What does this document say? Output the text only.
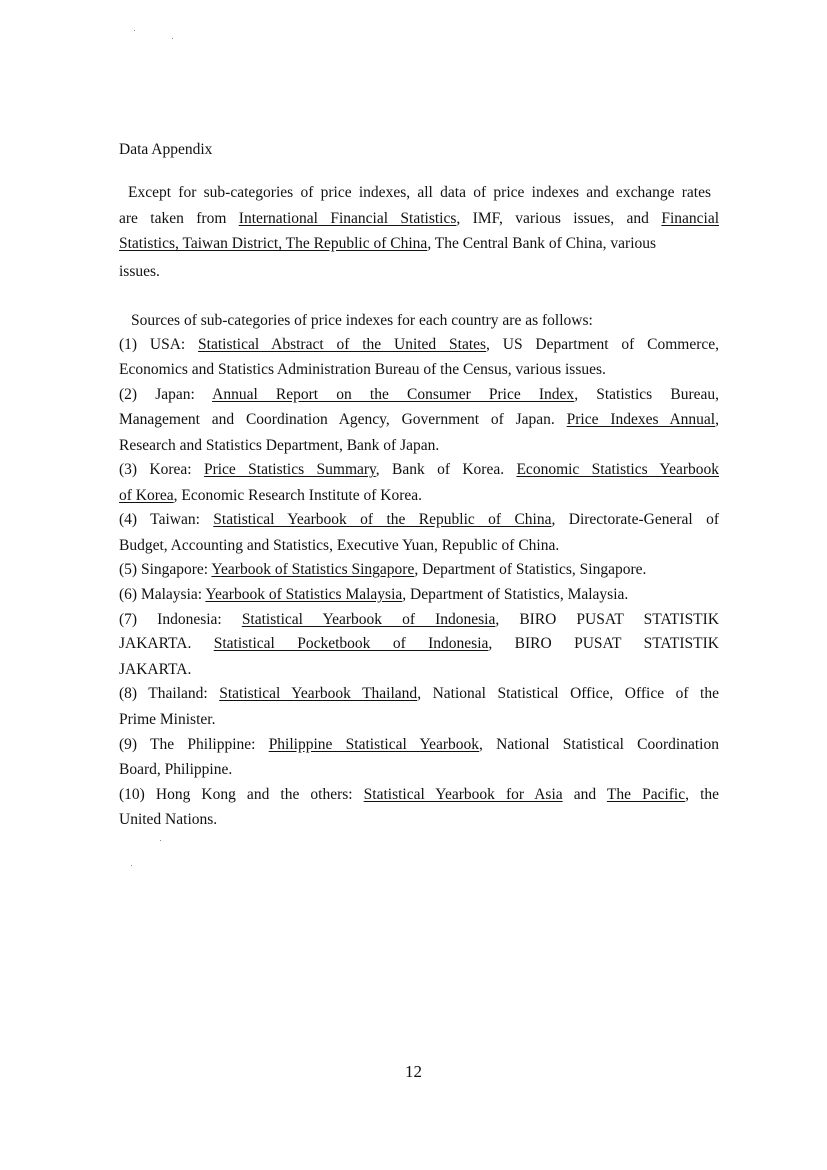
Data Appendix
Except for sub-categories of price indexes, all data of price indexes and exchange rates
are taken from International Financial Statistics, IMF, various issues, and Financial
Statistics, Taiwan District, The Republic of China, The Central Bank of China, various
issues.
Sources of sub-categories of price indexes for each country are as follows:
(1) USA: Statistical Abstract of the United States, US Department of Commerce,
Economics and Statistics Administration Bureau of the Census, various issues.
(2) Japan: Annual Report on the Consumer Price Index, Statistics Bureau,
Management and Coordination Agency, Government of Japan. Price Indexes Annual,
Research and Statistics Department, Bank of Japan.
(3) Korea: Price Statistics Summary, Bank of Korea. Economic Statistics Yearbook
of Korea, Economic Research Institute of Korea.
(4) Taiwan: Statistical Yearbook of the Republic of China, Directorate-General of
Budget, Accounting and Statistics, Executive Yuan, Republic of China.
(5) Singapore: Yearbook of Statistics Singapore, Department of Statistics, Singapore.
(6) Malaysia: Yearbook of Statistics Malaysia, Department of Statistics, Malaysia.
(7) Indonesia: Statistical Yearbook of Indonesia, BIRO PUSAT STATISTIK
JAKARTA. Statistical Pocketbook of Indonesia, BIRO PUSAT STATISTIK
JAKARTA.
(8) Thailand: Statistical Yearbook Thailand, National Statistical Office, Office of the
Prime Minister.
(9) The Philippine: Philippine Statistical Yearbook, National Statistical Coordination
Board, Philippine.
(10) Hong Kong and the others: Statistical Yearbook for Asia and The Pacific, the
United Nations.
12
